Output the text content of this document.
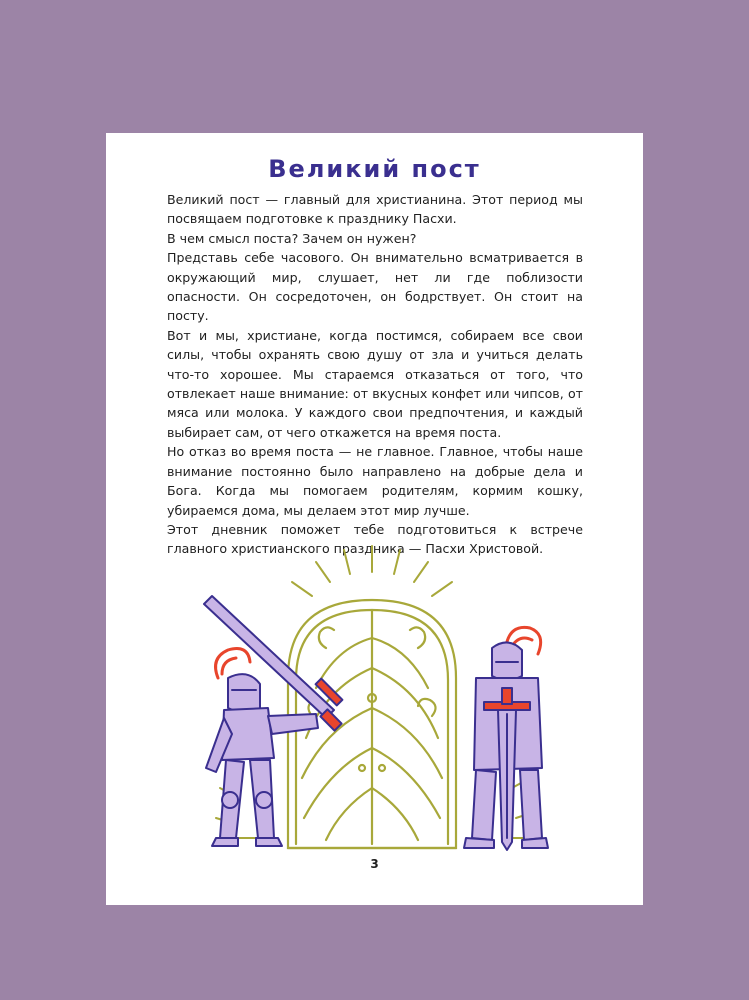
Великий пост

Великий пост — главный для христианина. Этот период мы посвящаем подготовке к празднику Пасхи.

В чем смысл поста? Зачем он нужен?

Представь себе часового. Он внимательно всматривается в окружающий мир, слушает, нет ли где поблизости опасности. Он сосредоточен, он бодрствует. Он стоит на посту.

Вот и мы, христиане, когда постимся, собираем все свои силы, чтобы охранять свою душу от зла и учиться делать что-то хорошее. Мы стараемся отказаться от того, что отвлекает наше внимание: от вкусных конфет или чипсов, от мяса или молока. У каждого свои предпочтения, и каждый выбирает сам, от чего откажется на время поста.

Но отказ во время поста — не главное. Главное, чтобы наше внимание постоянно было направлено на добрые дела и Бога. Когда мы помогаем родителям, кормим кошку, убираемся дома, мы делаем этот мир лучше.

Этот дневник поможет тебе подготовиться к встрече главного христианского праздника — Пасхи Христовой.

3
